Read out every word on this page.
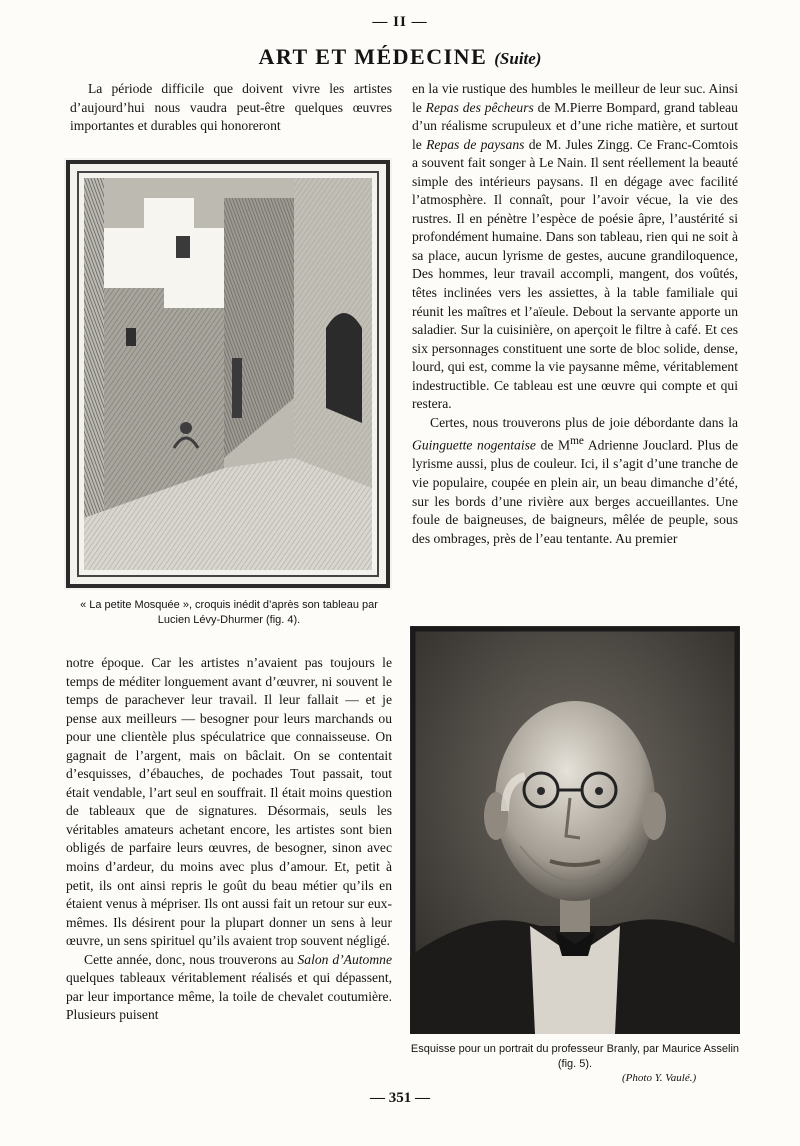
— II —
ART ET MÉDECINE (Suite)

La période difficile que doivent vivre les artistes d’aujourd’hui nous vaudra peut-être quelques œuvres importantes et durables qui honoreront

« La petite Mosquée », croquis inédit d’après son tableau par Lucien Lévy-Dhurmer (fig. 4).

notre époque. Car les artistes n’avaient pas toujours le temps de méditer longuement avant d’œuvrer, ni souvent le temps de parachever leur travail. Il leur fallait — et je pense aux meilleurs — besogner pour leurs marchands ou pour une clientèle plus spéculatrice que connaisseuse. On gagnait de l’argent, mais on bâclait. On se contentait d’esquisses, d’ébauches, de pochades Tout passait, tout était vendable, l’art seul en souffrait. Il était moins question de tableaux que de signatures. Désormais, seuls les véritables amateurs achetant encore, les artistes sont bien obligés de parfaire leurs œuvres, de besogner, sinon avec moins d’ardeur, du moins avec plus d’amour. Et, petit à petit, ils ont ainsi repris le goût du beau métier qu’ils en étaient venus à mépriser. Ils ont aussi fait un retour sur eux-mêmes. Ils désirent pour la plupart donner un sens à leur œuvre, un sens spirituel qu’ils avaient trop souvent négligé.

Cette année, donc, nous trouverons au Salon d’Automne quelques tableaux véritablement réalisés et qui dépassent, par leur importance même, la toile de chevalet coutumière. Plusieurs puisent

en la vie rustique des humbles le meilleur de leur suc. Ainsi le Repas des pêcheurs de M.Pierre Bompard, grand tableau d’un réalisme scrupuleux et d’une riche matière, et surtout le Repas de paysans de M. Jules Zingg. Ce Franc-Comtois a souvent fait songer à Le Nain. Il sent réellement la beauté simple des intérieurs paysans. Il en dégage avec facilité l’atmosphère. Il connaît, pour l’avoir vécue, la vie des rustres. Il en pénètre l’espèce de poésie âpre, l’austérité si profondément humaine. Dans son tableau, rien qui ne soit à sa place, aucun lyrisme de gestes, aucune grandiloquence, Des hommes, leur travail accompli, mangent, dos voûtés, têtes inclinées vers les assiettes, à la table familiale qui réunit les maîtres et l’aïeule. Debout la servante apporte un saladier. Sur la cuisinière, on aperçoit le filtre à café. Et ces six personnages constituent une sorte de bloc solide, dense, lourd, qui est, comme la vie paysanne même, véritablement indestructible. Ce tableau est une œuvre qui compte et qui restera.

Certes, nous trouverons plus de joie débordante dans la Guinguette nogentaise de $M^{me}$ Adrienne Jouclard. Plus de lyrisme aussi, plus de couleur. Ici, il s’agit d’une tranche de vie populaire, coupée en plein air, un beau dimanche d’été, sur les bords d’une rivière aux berges accueillantes. Une foule de baigneuses, de baigneurs, mêlée de peuple, sous des ombrages, près de l’eau tentante. Au premier

Esquisse pour un portrait du professeur Branly, par Maurice Asselin (fig. 5).
(Photo Y. Vaulé.)
— 351 —
